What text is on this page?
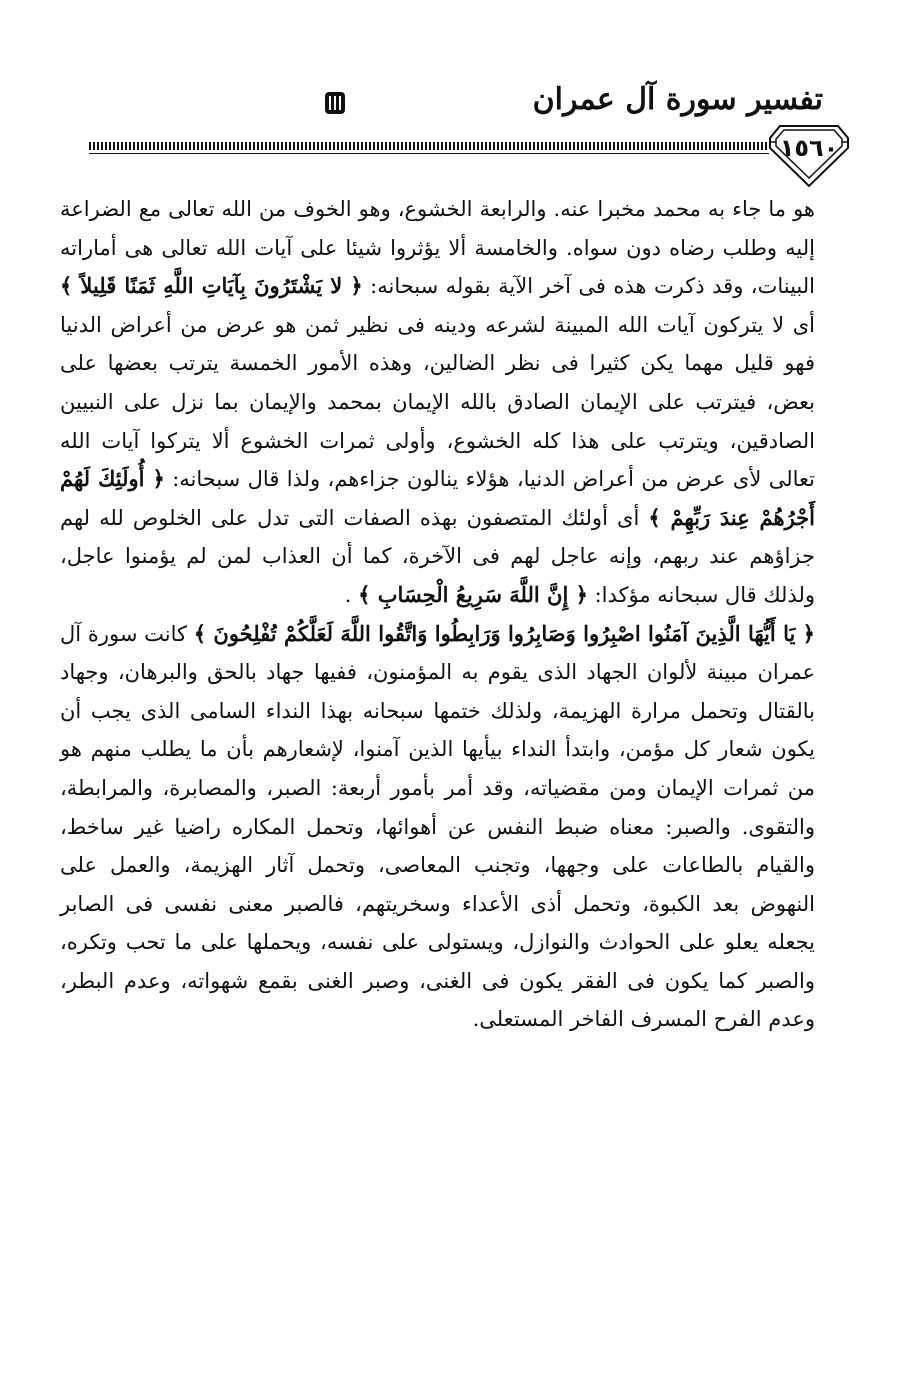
تفسير سورة آل عمران
١٥٦٠

هو ما جاء به محمد مخبرا عنه. والرابعة الخشوع، وهو الخوف من الله تعالى مع الضراعة إليه وطلب رضاه دون سواه. والخامسة ألا يؤثروا شيئا على آيات الله تعالى هى أماراته البينات، وقد ذكرت هذه فى آخر الآية بقوله سبحانه: ﴿ لا يَشْتَرُونَ بِآيَاتِ اللَّهِ ثَمَنًا قَلِيلاً ﴾ أى لا يتركون آيات الله المبينة لشرعه ودينه فى نظير ثمن هو عرض من أعراض الدنيا فهو قليل مهما يكن كثيرا فى نظر الضالين، وهذه الأمور الخمسة يترتب بعضها على بعض، فيترتب على الإيمان الصادق بالله الإيمان بمحمد والإيمان بما نزل على النبيين الصادقين، ويترتب على هذا كله الخشوع، وأولى ثمرات الخشوع ألا يتركوا آيات الله تعالى لأى عرض من أعراض الدنيا، هؤلاء ينالون جزاءهم، ولذا قال سبحانه: ﴿ أُولَئِكَ لَهُمْ أَجْرُهُمْ عِندَ رَبِّهِمْ ﴾ أى أولئك المتصفون بهذه الصفات التى تدل على الخلوص لله لهم جزاؤهم عند ربهم، وإنه عاجل لهم فى الآخرة، كما أن العذاب لمن لم يؤمنوا عاجل، ولذلك قال سبحانه مؤكدا: ﴿ إِنَّ اللَّهَ سَرِيعُ الْحِسَابِ ﴾ .

﴿ يَا أَيُّهَا الَّذِينَ آمَنُوا اصْبِرُوا وَصَابِرُوا وَرَابِطُوا وَاتَّقُوا اللَّهَ لَعَلَّكُمْ تُفْلِحُونَ ﴾ كانت سورة آل عمران مبينة لألوان الجهاد الذى يقوم به المؤمنون، ففيها جهاد بالحق والبرهان، وجهاد بالقتال وتحمل مرارة الهزيمة، ولذلك ختمها سبحانه بهذا النداء السامى الذى يجب أن يكون شعار كل مؤمن، وابتدأ النداء بيأيها الذين آمنوا، لإشعارهم بأن ما يطلب منهم هو من ثمرات الإيمان ومن مقضياته، وقد أمر بأمور أربعة: الصبر، والمصابرة، والمرابطة، والتقوى. والصبر: معناه ضبط النفس عن أهوائها، وتحمل المكاره راضيا غير ساخط، والقيام بالطاعات على وجهها، وتجنب المعاصى، وتحمل آثار الهزيمة، والعمل على النهوض بعد الكبوة، وتحمل أذى الأعداء وسخريتهم، فالصبر معنى نفسى فى الصابر يجعله يعلو على الحوادث والنوازل، ويستولى على نفسه، ويحملها على ما تحب وتكره، والصبر كما يكون فى الفقر يكون فى الغنى، وصبر الغنى بقمع شهواته، وعدم البطر، وعدم الفرح المسرف الفاخر المستعلى.
